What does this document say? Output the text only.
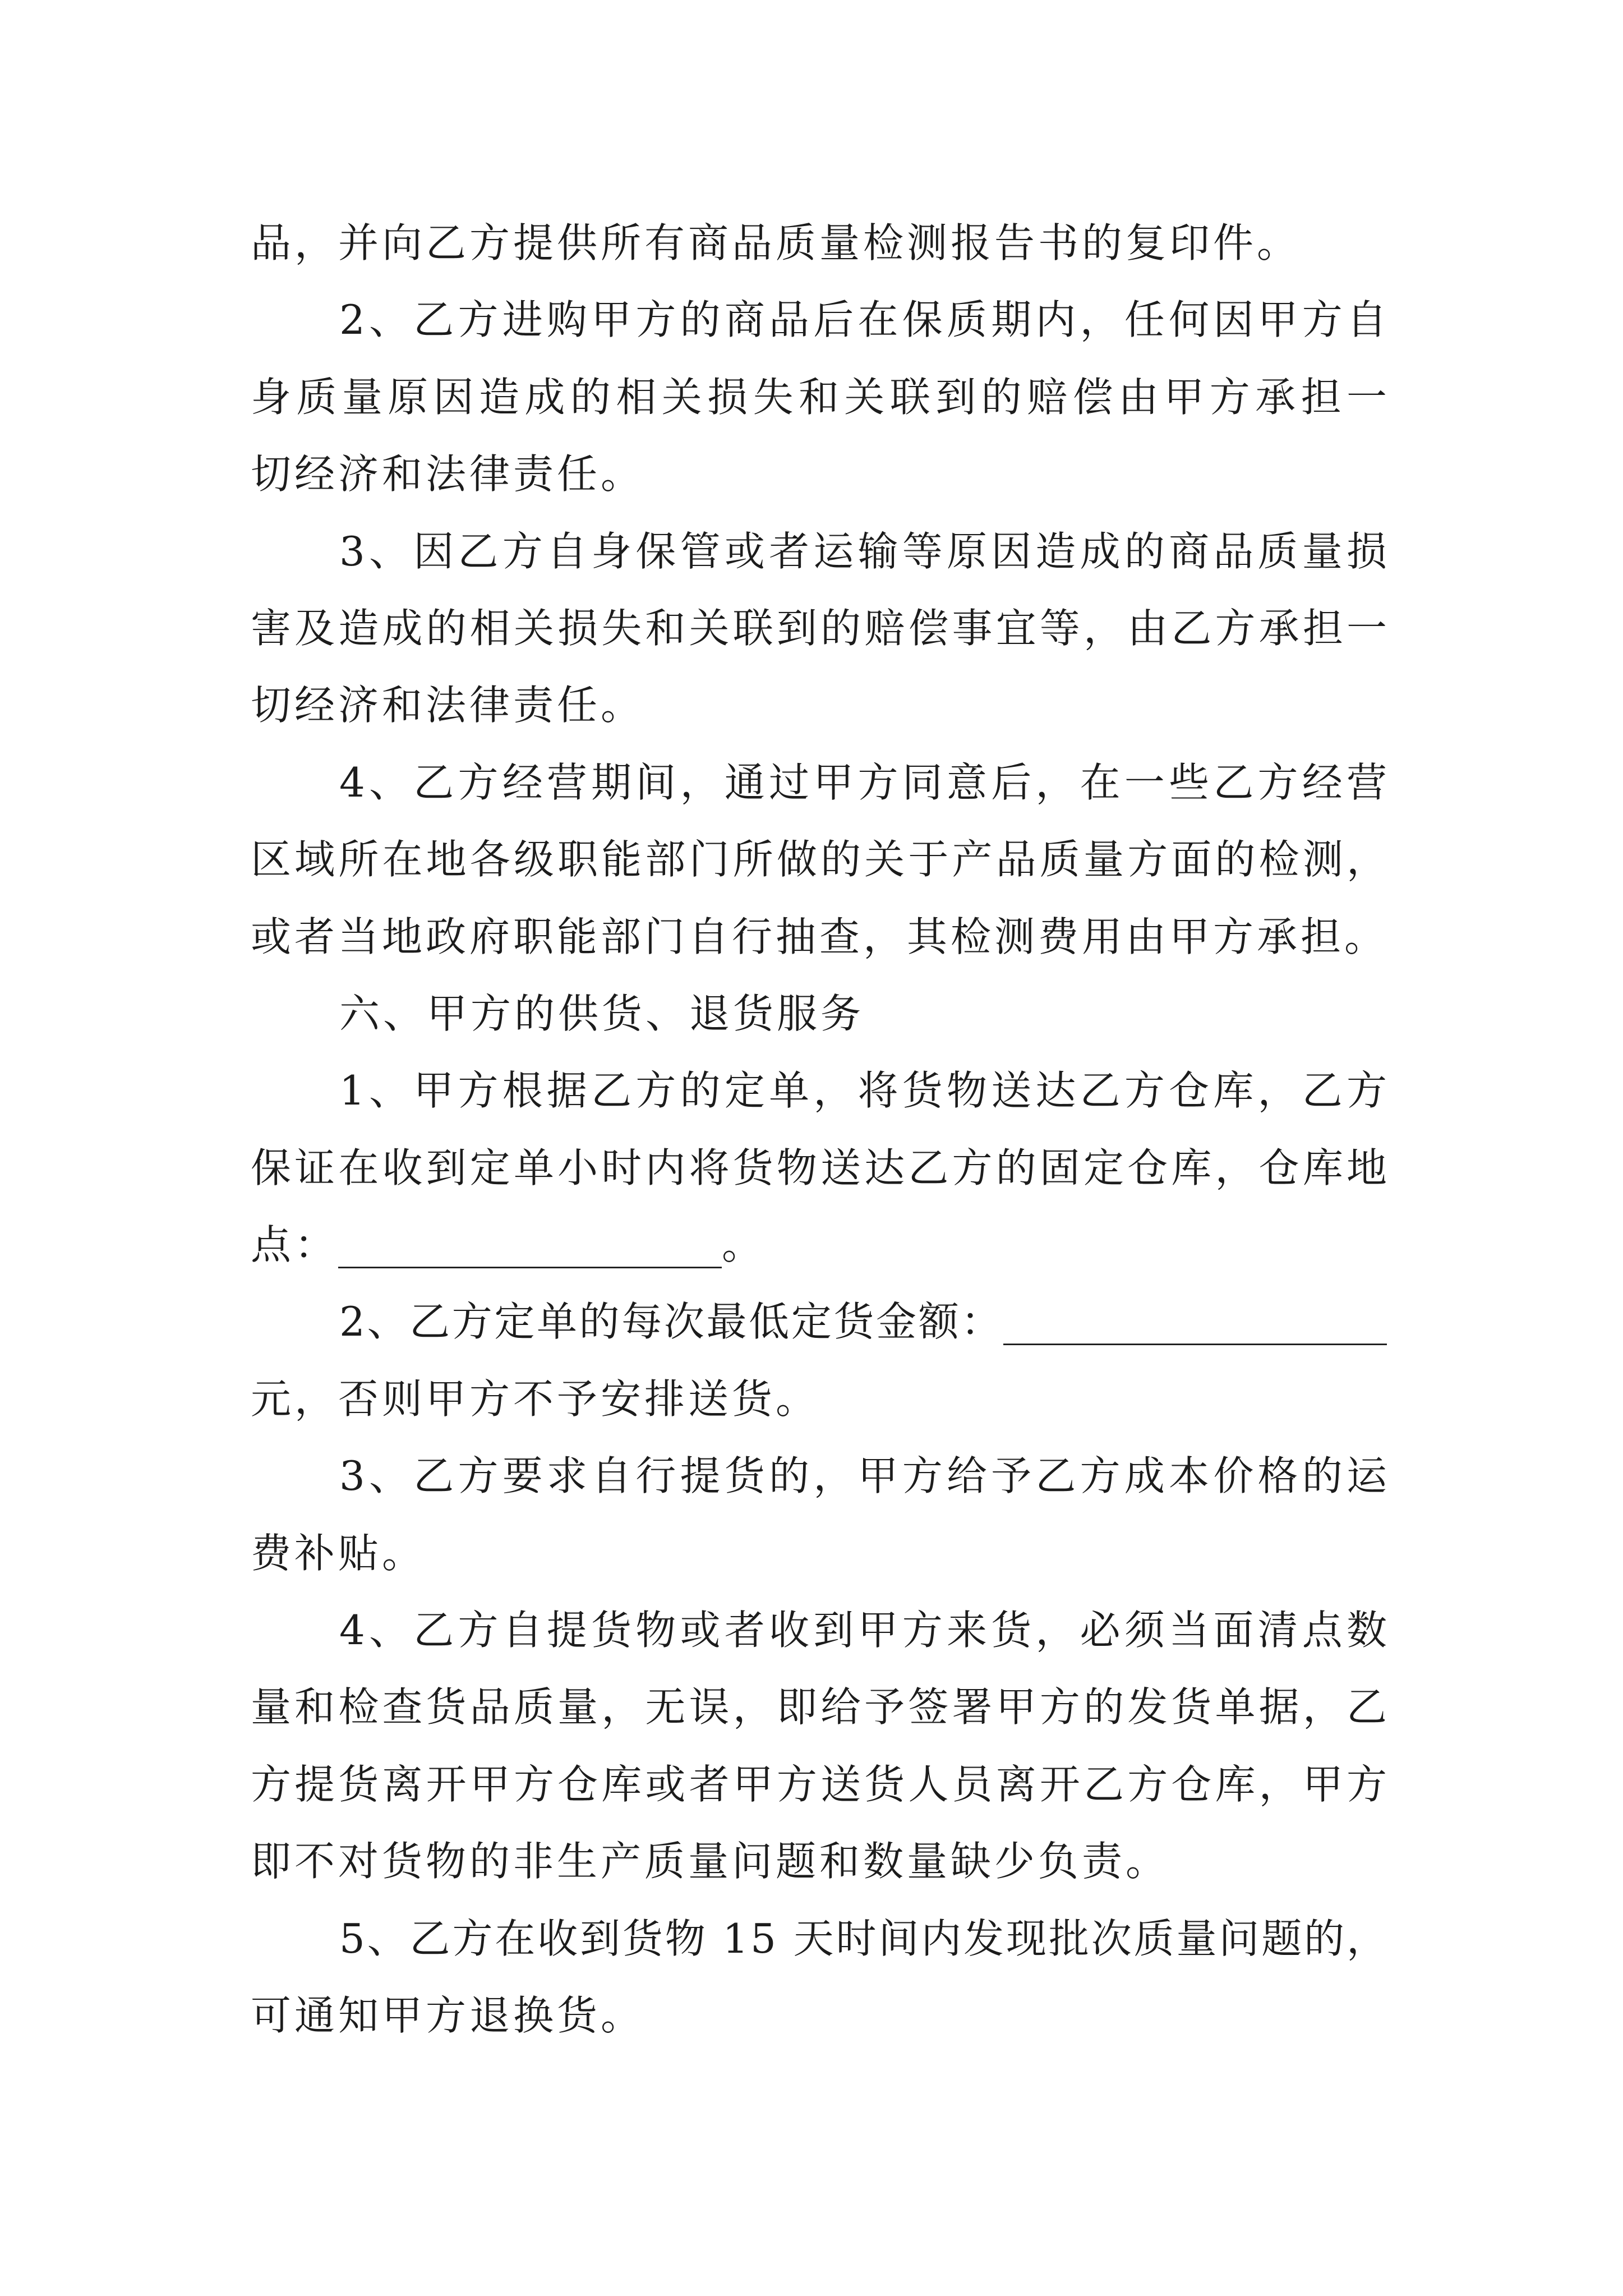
品，并向乙方提供所有商品质量检测报告书的复印件。
2、乙方进购甲方的商品后在保质期内，任何因甲方自
身质量原因造成的相关损失和关联到的赔偿由甲方承担一
切经济和法律责任。
3、因乙方自身保管或者运输等原因造成的商品质量损
害及造成的相关损失和关联到的赔偿事宜等，由乙方承担一
切经济和法律责任。
4、乙方经营期间，通过甲方同意后，在一些乙方经营
区域所在地各级职能部门所做的关于产品质量方面的检测，
或者当地政府职能部门自行抽查，其检测费用由甲方承担。
六、甲方的供货、退货服务
1、甲方根据乙方的定单，将货物送达乙方仓库，乙方
保证在收到定单小时内将货物送达乙方的固定仓库，仓库地
点：___________________。
2、乙方定单的每次最低定货金额：___________________
元，否则甲方不予安排送货。
3、乙方要求自行提货的，甲方给予乙方成本价格的运
费补贴。
4、乙方自提货物或者收到甲方来货，必须当面清点数
量和检查货品质量，无误，即给予签署甲方的发货单据，乙
方提货离开甲方仓库或者甲方送货人员离开乙方仓库，甲方
即不对货物的非生产质量问题和数量缺少负责。
5、乙方在收到货物 15 天时间内发现批次质量问题的，
可通知甲方退换货。
